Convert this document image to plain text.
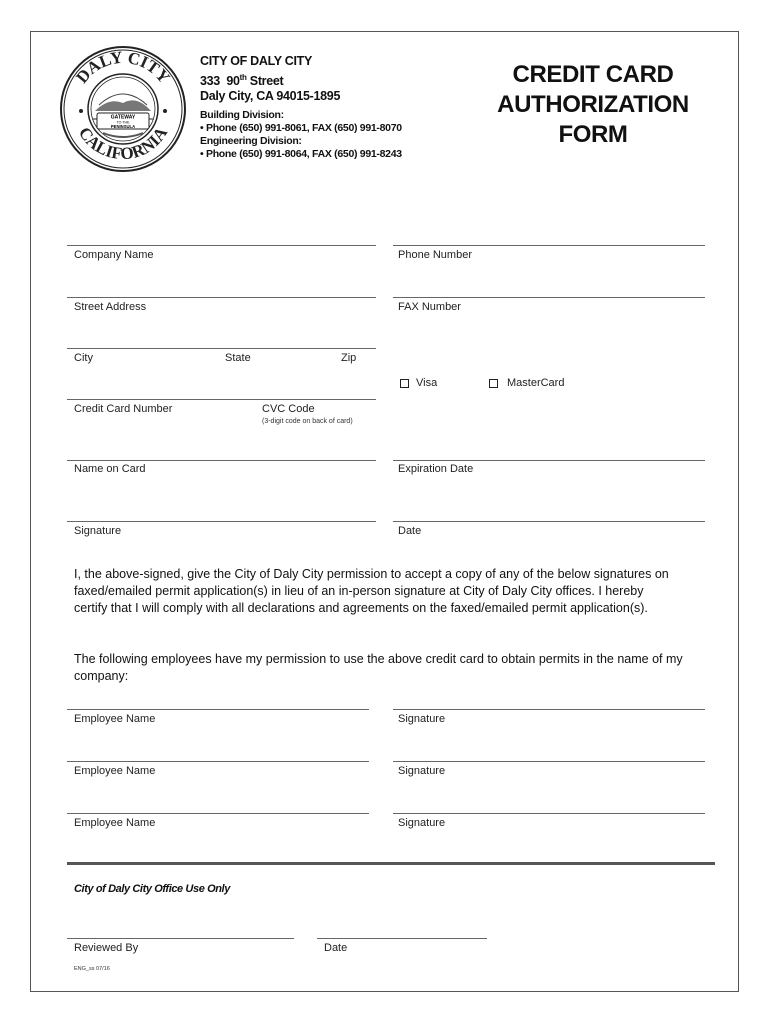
DALY CITY
CALIFORNIA
GATEWAY
TO THE
PENINSULA
CITY OF DALY CITY
333 90th Street
Daly City, CA 94015-1895
Building Division:
• Phone (650) 991-8061, FAX (650) 991-8070
Engineering Division:
• Phone (650) 991-8064, FAX (650) 991-8243
CREDIT CARD
AUTHORIZATION
FORM
Company Name	Phone Number
Street Address	FAX Number
City	State	Zip
Visa	MasterCard
Credit Card Number	CVC Code
(3-digit code on back of card)
Name on Card	Expiration Date
Signature	Date
I, the above-signed, give the City of Daly City permission to accept a copy of any of the below signatures on
faxed/emailed permit application(s) in lieu of an in-person signature at City of Daly City offices. I hereby
certify that I will comply with all declarations and agreements on the faxed/emailed permit application(s).
The following employees have my permission to use the above credit card to obtain permits in the name of my
company:
Employee Name	Signature
Employee Name	Signature
Employee Name	Signature
City of Daly City Office Use Only
Reviewed By	Date
ENG_ss 07/16
